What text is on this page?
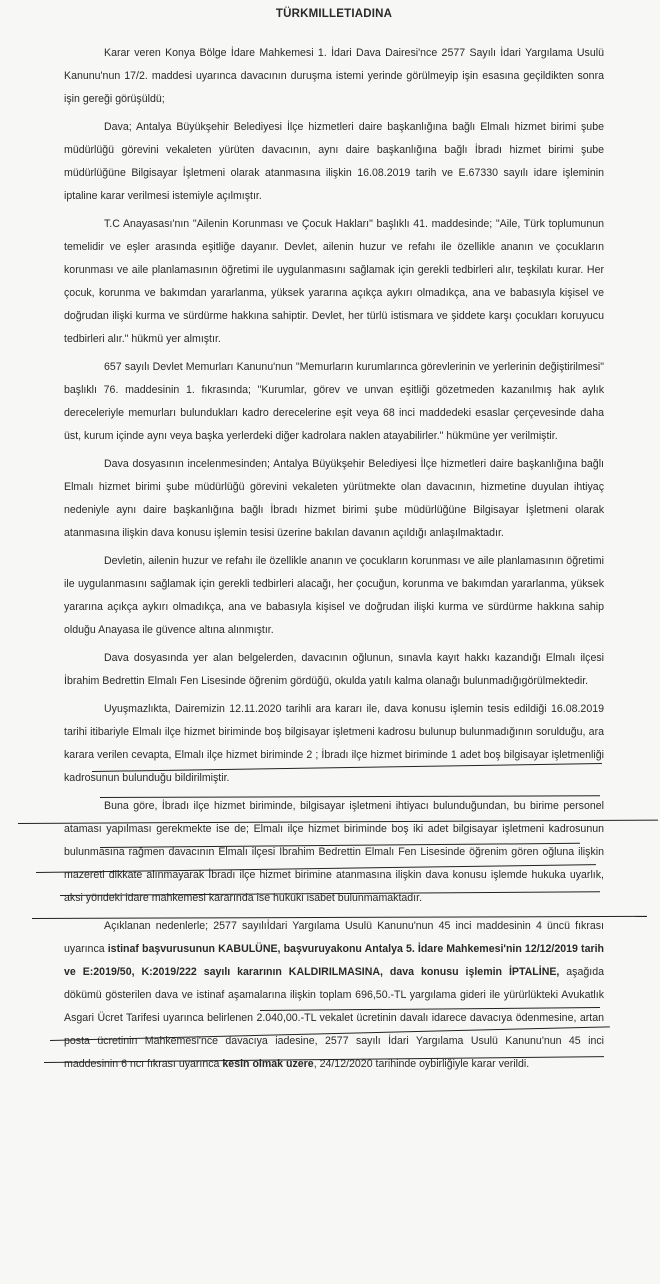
TÜRKMILLETIADINA

Karar veren Konya Bölge İdare Mahkemesi 1. İdari Dava Dairesi'nce 2577 Sayılı İdari Yargılama Usulü Kanunu'nun 17/2. maddesi uyarınca davacının duruşma istemi yerinde görülmeyip işin esasına geçildikten sonra işin gereği görüşüldü;

Dava; Antalya Büyükşehir Belediyesi İlçe hizmetleri daire başkanlığına bağlı Elmalı hizmet birimi şube müdürlüğü görevini vekaleten yürüten davacının, aynı daire başkanlığına bağlı İbradı hizmet birimi şube müdürlüğüne Bilgisayar İşletmeni olarak atanmasına ilişkin 16.08.2019 tarih ve E.67330 sayılı idare işleminin iptaline karar verilmesi istemiyle açılmıştır.

T.C Anayasası'nın "Ailenin Korunması ve Çocuk Hakları" başlıklı 41. maddesinde; "Aile, Türk toplumunun temelidir ve eşler arasında eşitliğe dayanır. Devlet, ailenin huzur ve refahı ile özellikle ananın ve çocukların korunması ve aile planlamasının öğretimi ile uygulanmasını sağlamak için gerekli tedbirleri alır, teşkilatı kurar. Her çocuk, korunma ve bakımdan yararlanma, yüksek yararına açıkça aykırı olmadıkça, ana ve babasıyla kişisel ve doğrudan ilişki kurma ve sürdürme hakkına sahiptir. Devlet, her türlü istismara ve şiddete karşı çocukları koruyucu tedbirleri alır." hükmü yer almıştır.

657 sayılı Devlet Memurları Kanunu'nun "Memurların kurumlarınca görevlerinin ve yerlerinin değiştirilmesi" başlıklı 76. maddesinin 1. fıkrasında; "Kurumlar, görev ve unvan eşitliği gözetmeden kazanılmış hak aylık dereceleriyle memurları bulundukları kadro derecelerine eşit veya 68 inci maddedeki esaslar çerçevesinde daha üst, kurum içinde aynı veya başka yerlerdeki diğer kadrolara naklen atayabilirler." hükmüne yer verilmiştir.

Dava dosyasının incelenmesinden; Antalya Büyükşehir Belediyesi İlçe hizmetleri daire başkanlığına bağlı Elmalı hizmet birimi şube müdürlüğü görevini vekaleten yürütmekte olan davacının, hizmetine duyulan ihtiyaç nedeniyle aynı daire başkanlığına bağlı İbradı hizmet birimi şube müdürlüğüne Bilgisayar İşletmeni olarak atanmasına ilişkin dava konusu işlemin tesisi üzerine bakılan davanın açıldığı anlaşılmaktadır.

Devletin, ailenin huzur ve refahı ile özellikle ananın ve çocukların korunması ve aile planlamasının öğretimi ile uygulanmasını sağlamak için gerekli tedbirleri alacağı, her çocuğun, korunma ve bakımdan yararlanma, yüksek yararına açıkça aykırı olmadıkça, ana ve babasıyla kişisel ve doğrudan ilişki kurma ve sürdürme hakkına sahip olduğu Anayasa ile güvence altına alınmıştır.

Dava dosyasında yer alan belgelerden, davacının oğlunun, sınavla kayıt hakkı kazandığı Elmalı ilçesi İbrahim Bedrettin Elmalı Fen Lisesinde öğrenim gördüğü, okulda yatılı kalma olanağı bulunmadığıgörülmektedir.

Uyuşmazlıkta, Dairemizin 12.11.2020 tarihli ara kararı ile, dava konusu işlemin tesis edildiği 16.08.2019 tarihi itibariyle Elmalı ilçe hizmet biriminde boş bilgisayar işletmeni kadrosu bulunup bulunmadığının sorulduğu, ara karara verilen cevapta, Elmalı ilçe hizmet biriminde 2 ; İbradı ilçe hizmet biriminde 1 adet boş bilgisayar işletmenliği kadrosunun bulunduğu bildirilmiştir.

Buna göre, İbradı ilçe hizmet biriminde, bilgisayar işletmeni ihtiyacı bulunduğundan, bu birime personel ataması yapılması gerekmekte ise de; Elmalı ilçe hizmet biriminde boş iki adet bilgisayar işletmeni kadrosunun bulunmasına rağmen davacının Elmalı ilçesi İbrahim Bedrettin Elmalı Fen Lisesinde öğrenim gören oğluna ilişkin mazereti dikkate alınmayarak İbradı ilçe hizmet birimine atanmasına ilişkin dava konusu işlemde hukuka uyarlık, aksi yöndeki idare mahkemesi kararında ise hukuki isabet bulunmamaktadır.

Açıklanan nedenlerle; 2577 sayılıİdari Yargılama Usulü Kanunu'nun 45 inci maddesinin 4 üncü fıkrası uyarınca istinaf başvurusunun KABULÜNE, başvuruyakonu Antalya 5. İdare Mahkemesi'nin 12/12/2019 tarih ve E:2019/50, K:2019/222 sayılı kararının KALDIRILMASINA, dava konusu işlemin İPTALİNE, aşağıda dökümü gösterilen dava ve istinaf aşamalarına ilişkin toplam 696,50.-TL yargılama gideri ile yürürlükteki Avukatlık Asgari Ücret Tarifesi uyarınca belirlenen 2.040,00.-TL vekalet ücretinin davalı idarece davacıya ödenmesine, artan posta ücretinin Mahkemesi'nce davacıya iadesine, 2577 sayılı İdari Yargılama Usulü Kanunu'nun 45 inci maddesinin 6 ncı fıkrası uyarınca kesin olmak üzere, 24/12/2020 tarihinde oybirliğiyle karar verildi.
